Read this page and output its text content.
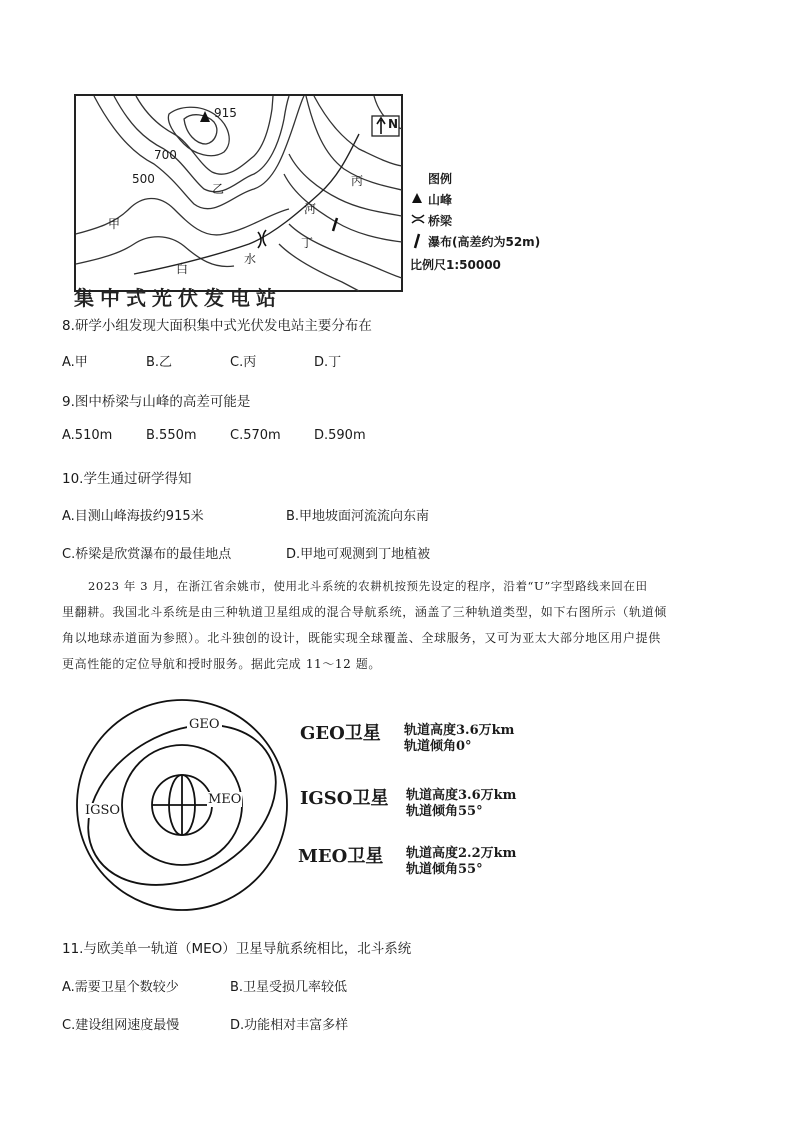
915
700
500
甲
乙
丙
丁
白
水
河
N
图例
山峰
桥梁
瀑布(高差约为52m)
比例尺1:50000
集中式光伏发电站
8.研学小组发现大面积集中式光伏发电站主要分布在
A.甲	B.乙	C.丙	D.丁
9.图中桥梁与山峰的高差可能是
A.510m	B.550m	C.570m	D.590m
10.学生通过研学得知
A.目测山峰海拔约915米	B.甲地坡面河流流向东南
C.桥梁是欣赏瀑布的最佳地点	D.甲地可观测到丁地植被
2023 年 3 月，在浙江省余姚市，使用北斗系统的农耕机按预先设定的程序，沿着“U”字型路线来回在田
里翻耕。我国北斗系统是由三种轨道卫星组成的混合导航系统，涵盖了三种轨道类型，如下右图所示（轨道倾
角以地球赤道面为参照）。北斗独创的设计，既能实现全球覆盖、全球服务，又可为亚太大部分地区用户提供
更高性能的定位导航和授时服务。据此完成 11～12 题。
GEO
IGSO
MEO
GEO卫星 轨道高度3.6万km
轨道倾角0°
IGSO卫星 轨道高度3.6万km
轨道倾角55°
MEO卫星 轨道高度2.2万km
轨道倾角55°
11.与欧美单一轨道（MEO）卫星导航系统相比，北斗系统
A.需要卫星个数较少	B.卫星受损几率较低
C.建设组网速度最慢	D.功能相对丰富多样
